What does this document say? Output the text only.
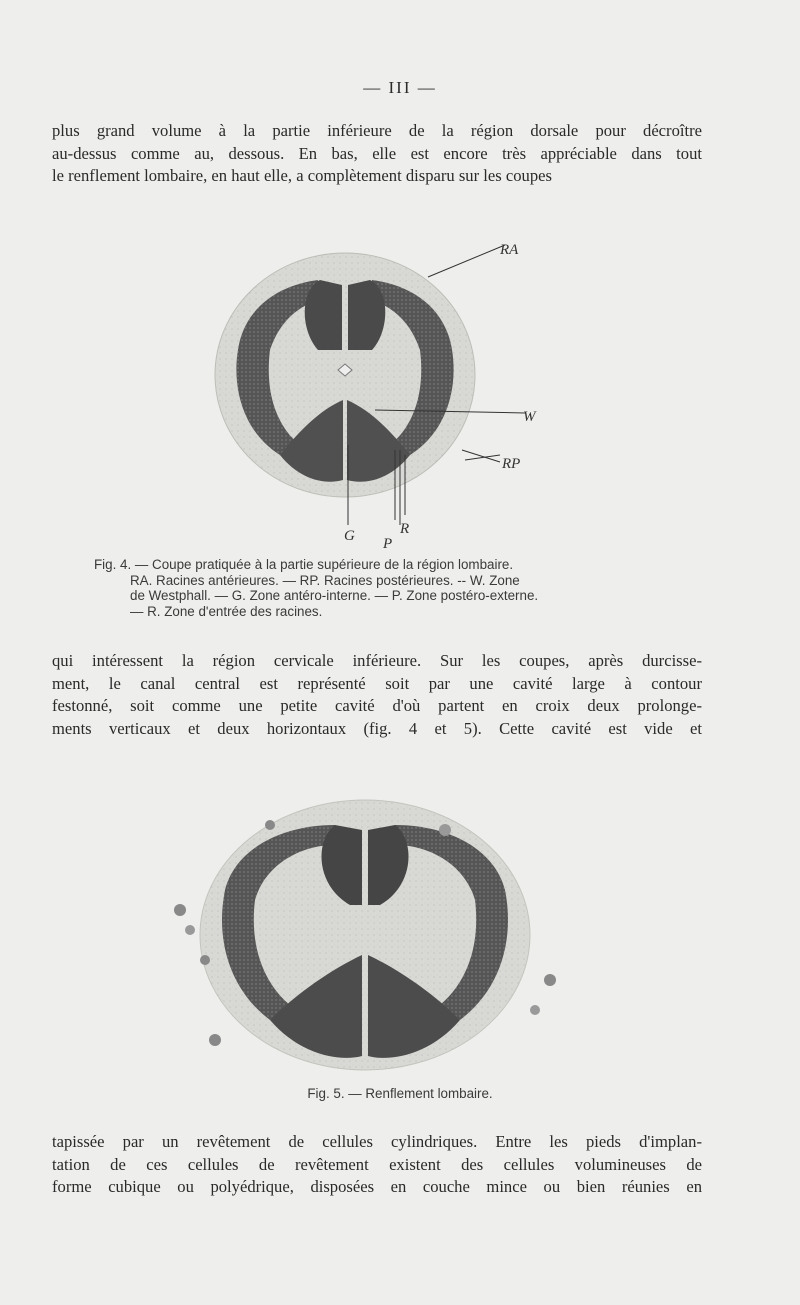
— III —
plus grand volume à la partie inférieure de la région dorsale pour décroître
au-dessus comme au, dessous. En bas, elle est encore très appréciable dans tout
le renflement lombaire, en haut elle, a complètement disparu sur les coupes
RA
W
RP
G P
R
Fig. 4. — Coupe pratiquée à la partie supérieure de la région lombaire.
RA. Racines antérieures. — RP. Racines postérieures. -- W. Zone
de Westphall. — G. Zone antéro-interne. — P. Zone postéro-externe.
— R. Zone d'entrée des racines.
qui intéressent la région cervicale inférieure. Sur les coupes, après durcisse-
ment, le canal central est représenté soit par une cavité large à contour
festonné, soit comme une petite cavité d'où partent en croix deux prolonge-
ments verticaux et deux horizontaux (fig. 4 et 5). Cette cavité est vide et
Fig. 5. — Renflement lombaire.
tapissée par un revêtement de cellules cylindriques. Entre les pieds d'implan-
tation de ces cellules de revêtement existent des cellules volumineuses de
forme cubique ou polyédrique, disposées en couche mince ou bien réunies en
